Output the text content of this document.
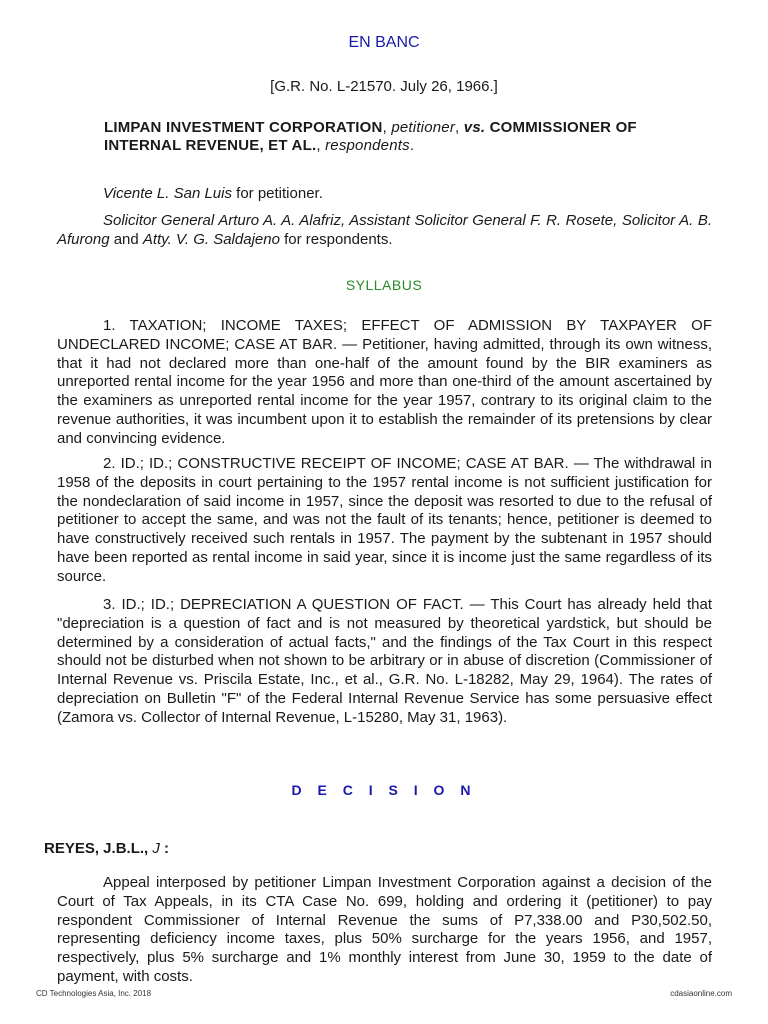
EN BANC
[G.R. No. L-21570. July 26, 1966.]
LIMPAN INVESTMENT CORPORATION, petitioner, vs. COMMISSIONER OF INTERNAL REVENUE, ET AL., respondents.
Vicente L. San Luis for petitioner.
Solicitor General Arturo A. A. Alafriz, Assistant Solicitor General F. R. Rosete, Solicitor A. B. Afurong and Atty. V. G. Saldajeno for respondents.
SYLLABUS
1. TAXATION; INCOME TAXES; EFFECT OF ADMISSION BY TAXPAYER OF UNDECLARED INCOME; CASE AT BAR. — Petitioner, having admitted, through its own witness, that it had not declared more than one-half of the amount found by the BIR examiners as unreported rental income for the year 1956 and more than one-third of the amount ascertained by the examiners as unreported rental income for the year 1957, contrary to its original claim to the revenue authorities, it was incumbent upon it to establish the remainder of its pretensions by clear and convincing evidence.
2. ID.; ID.; CONSTRUCTIVE RECEIPT OF INCOME; CASE AT BAR. — The withdrawal in 1958 of the deposits in court pertaining to the 1957 rental income is not sufficient justification for the nondeclaration of said income in 1957, since the deposit was resorted to due to the refusal of petitioner to accept the same, and was not the fault of its tenants; hence, petitioner is deemed to have constructively received such rentals in 1957. The payment by the subtenant in 1957 should have been reported as rental income in said year, since it is income just the same regardless of its source.
3. ID.; ID.; DEPRECIATION A QUESTION OF FACT. — This Court has already held that "depreciation is a question of fact and is not measured by theoretical yardstick, but should be determined by a consideration of actual facts," and the findings of the Tax Court in this respect should not be disturbed when not shown to be arbitrary or in abuse of discretion (Commissioner of Internal Revenue vs. Priscila Estate, Inc., et al., G.R. No. L-18282, May 29, 1964). The rates of depreciation on Bulletin "F" of the Federal Internal Revenue Service has some persuasive effect (Zamora vs. Collector of Internal Revenue, L-15280, May 31, 1963).
D E C I S I O N
REYES, J.B.L., J :
Appeal interposed by petitioner Limpan Investment Corporation against a decision of the Court of Tax Appeals, in its CTA Case No. 699, holding and ordering it (petitioner) to pay respondent Commissioner of Internal Revenue the sums of P7,338.00 and P30,502.50, representing deficiency income taxes, plus 50% surcharge for the years 1956, and 1957, respectively, plus 5% surcharge and 1% monthly interest from June 30, 1959 to the date of payment, with costs.
CD Technologies Asia, Inc. 2018	cdasiaonline.com
